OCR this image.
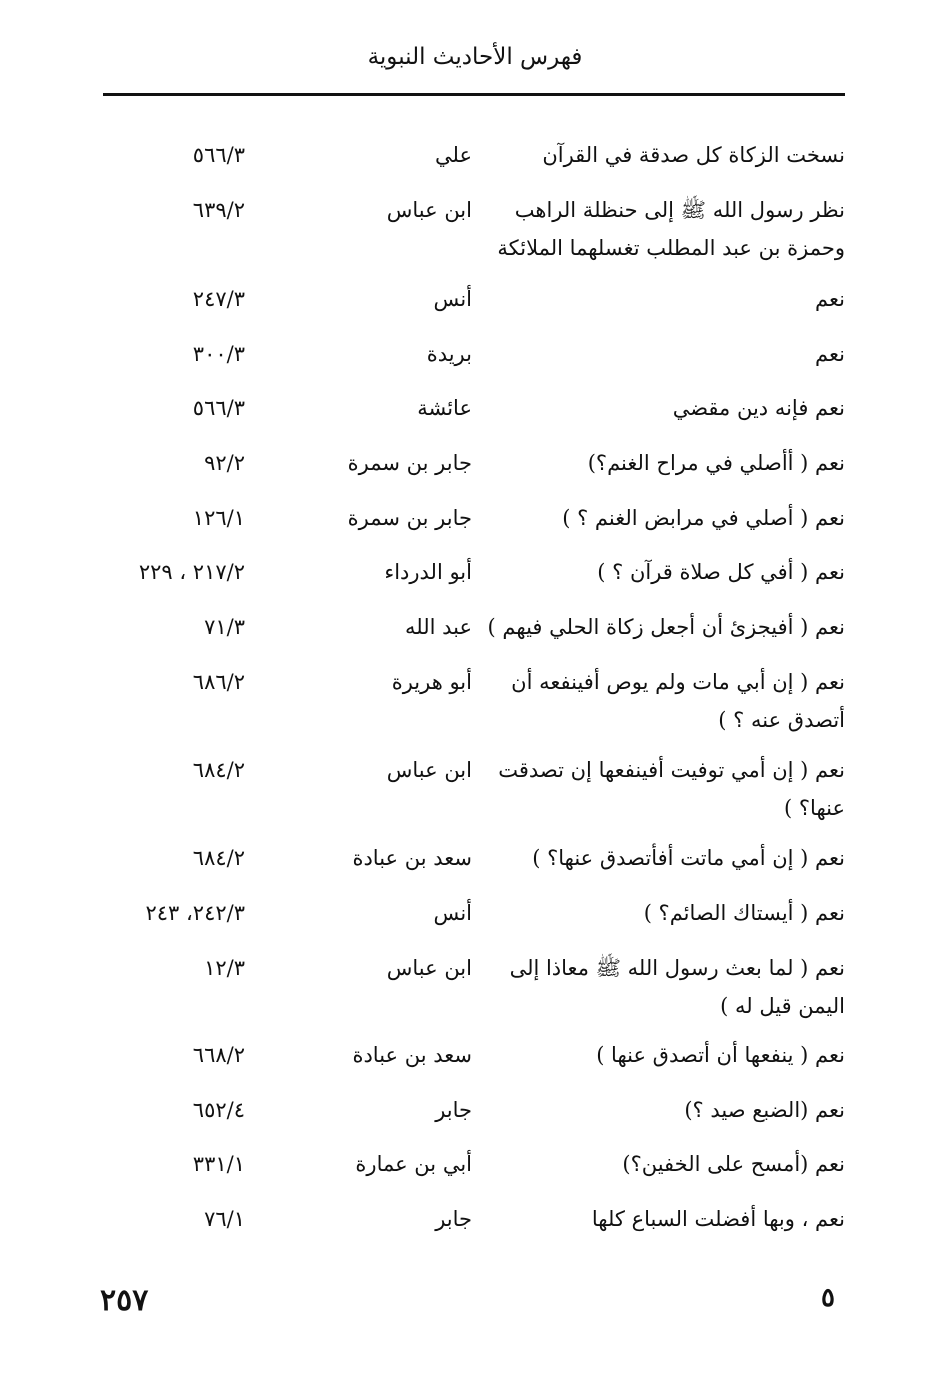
فهرس الأحاديث النبوية
نسخت الزكاة كل صدقة في القرآن
علي
٥٦٦/٣
نظر رسول الله ﷺ إلى حنظلة الراهب وحمزة بن عبد المطلب تغسلهما الملائكة
ابن عباس
٦٣٩/٢
نعم
أنس
٢٤٧/٣
نعم
بريدة
٣٠٠/٣
نعم فإنه دين مقضي
عائشة
٥٦٦/٣
نعم ( أأصلي في مراح الغنم؟)
جابر بن سمرة
٩٢/٢
نعم ( أصلي في مرابض الغنم ؟ )
جابر بن سمرة
١٢٦/١
نعم ( أفي كل صلاة قرآن ؟ )
أبو الدرداء
٢١٧/٢ ، ٢٢٩
نعم ( أفيجزئ أن أجعل زكاة الحلي فيهم )
عبد الله
٧١/٣
نعم ( إن أبي مات ولم يوص أفينفعه أن أتصدق عنه ؟ )
أبو هريرة
٦٨٦/٢
نعم ( إن أمي توفيت أفينفعها إن تصدقت عنها؟ )
ابن عباس
٦٨٤/٢
نعم ( إن أمي ماتت أفأتصدق عنها؟ )
سعد بن عبادة
٦٨٤/٢
نعم ( أيستاك الصائم؟ )
أنس
٢٤٢/٣، ٢٤٣
نعم ( لما بعث رسول الله ﷺ معاذا إلى اليمن قيل له )
ابن عباس
١٢/٣
نعم ( ينفعها أن أتصدق عنها )
سعد بن عبادة
٦٦٨/٢
نعم (الضبع صيد ؟)
جابر
٦٥٢/٤
نعم (أمسح على الخفين؟)
أبي بن عمارة
٣٣١/١
نعم ، وبها أفضلت السباع كلها
جابر
٧٦/١
٢٥٧	٥
